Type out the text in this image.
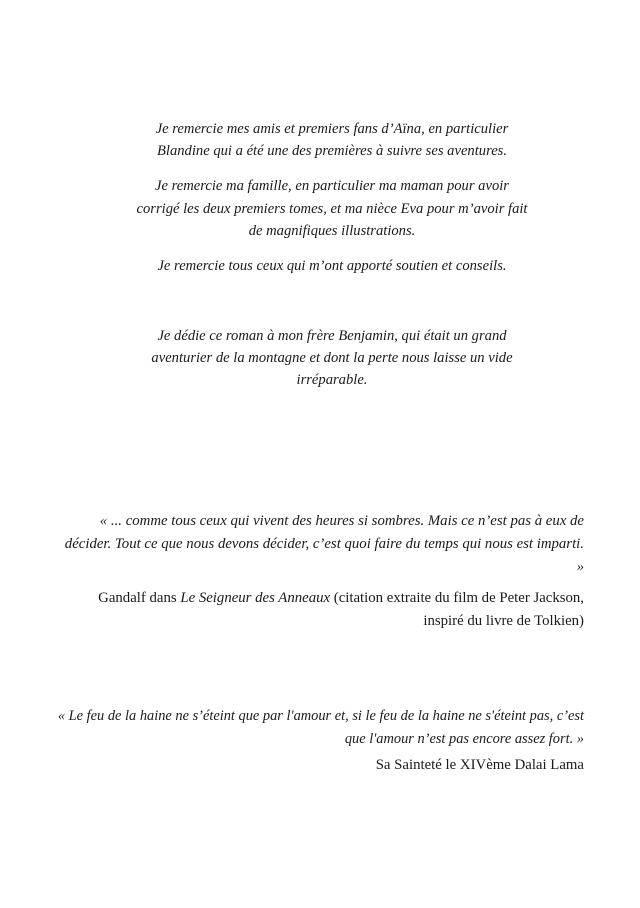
Je remercie mes amis et premiers fans d’Aïna, en particulier Blandine qui a été une des premières à suivre ses aventures.

Je remercie ma famille, en particulier ma maman pour avoir corrigé les deux premiers tomes, et ma nièce Eva pour m’avoir fait de magnifiques illustrations.

Je remercie tous ceux qui m’ont apporté soutien et conseils.

Je dédie ce roman à mon frère Benjamin, qui était un grand aventurier de la montagne et dont la perte nous laisse un vide irréparable.

« ... comme tous ceux qui vivent des heures si sombres. Mais ce n’est pas à eux de décider. Tout ce que nous devons décider, c’est quoi faire du temps qui nous est imparti. »

Gandalf dans Le Seigneur des Anneaux (citation extraite du film de Peter Jackson, inspiré du livre de Tolkien)

« Le feu de la haine ne s’éteint que par l'amour et, si le feu de la haine ne s'éteint pas, c’est que l'amour n’est pas encore assez fort. »

Sa Sainteté le XIVème Dalai Lama
